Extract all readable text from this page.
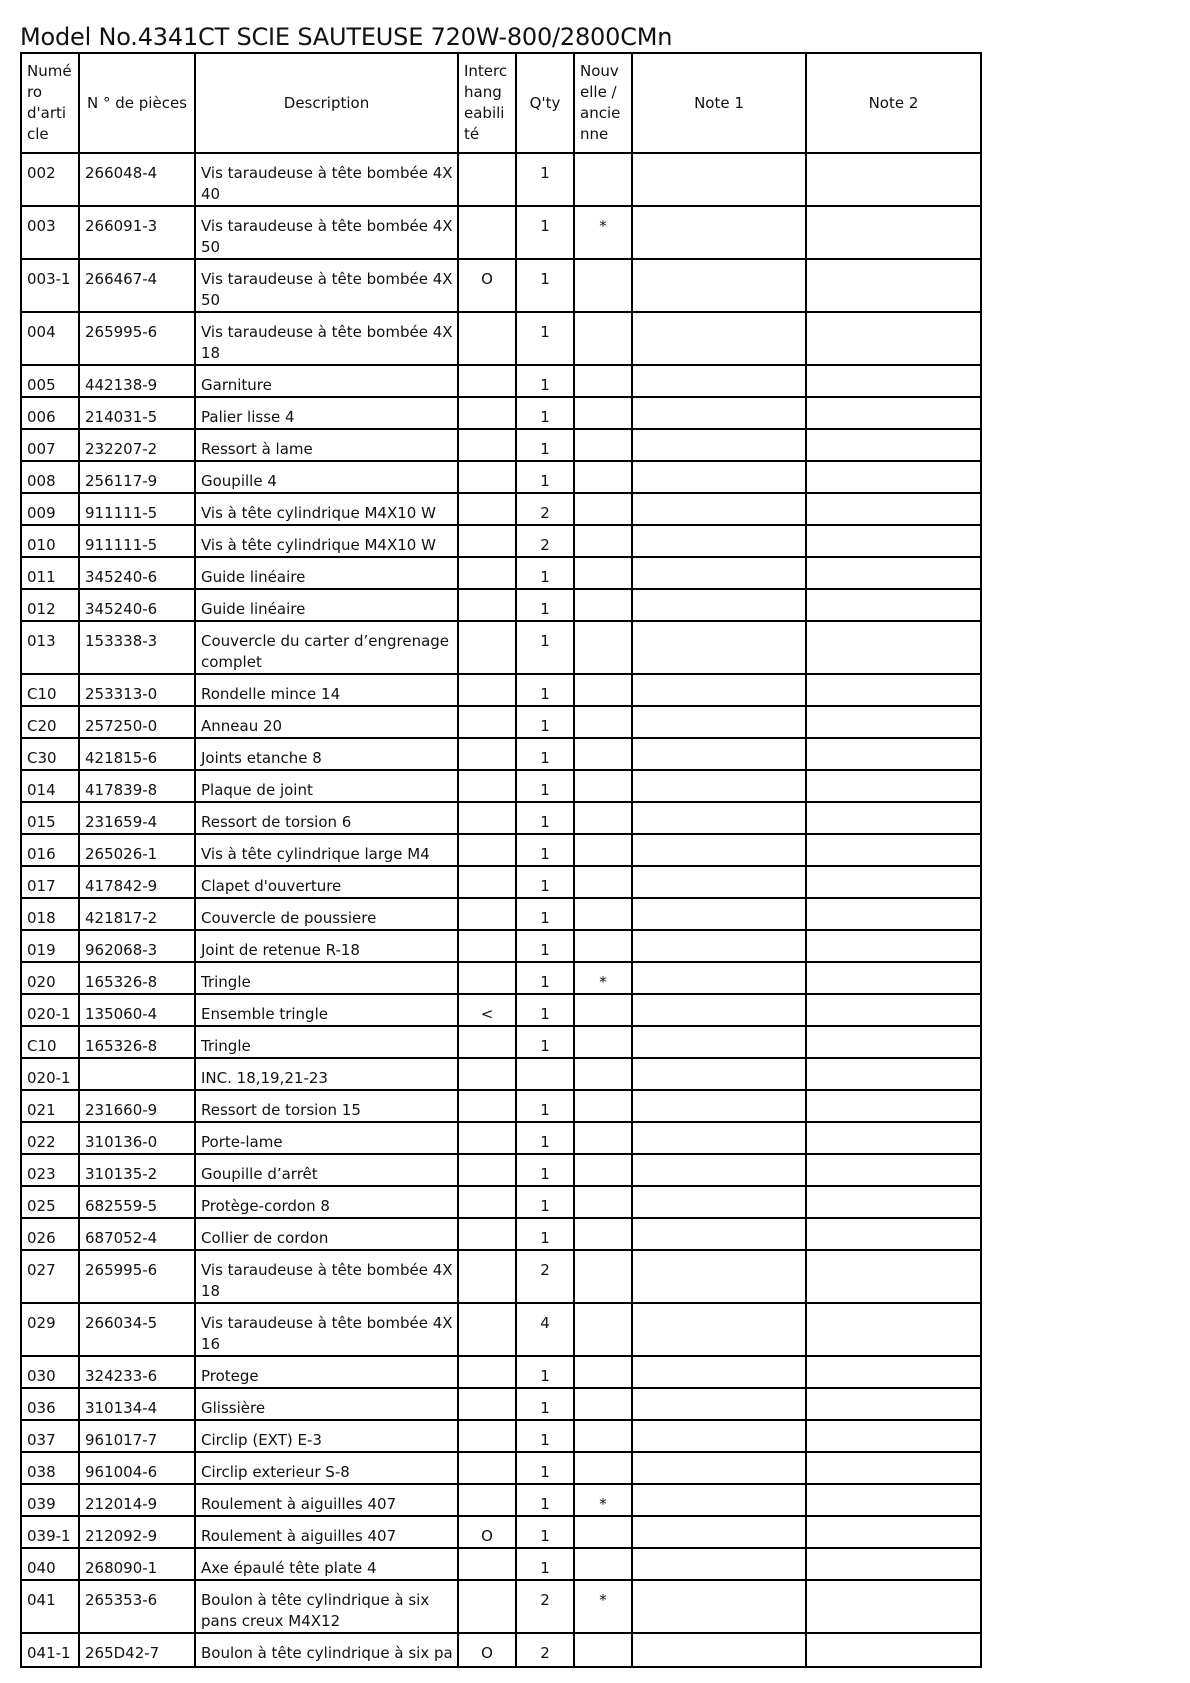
Model No.4341CT SCIE SAUTEUSE 720W-800/2800CMn
Numéro d'article	N ° de pièces	Description	Interchangeabilité	Q'ty	Nouvelle / ancienne	Note 1	Note 2
002	266048-4	Vis taraudeuse à tête bombée 4X 40		1			
003	266091-3	Vis taraudeuse à tête bombée 4X 50		1	*		
003-1	266467-4	Vis taraudeuse à tête bombée 4X 50	O	1			
004	265995-6	Vis taraudeuse à tête bombée 4X 18		1			
005	442138-9	Garniture		1			
006	214031-5	Palier lisse 4		1			
007	232207-2	Ressort à lame		1			
008	256117-9	Goupille 4		1			
009	911111-5	Vis à tête cylindrique M4X10 W		2			
010	911111-5	Vis à tête cylindrique M4X10 W		2			
011	345240-6	Guide linéaire		1			
012	345240-6	Guide linéaire		1			
013	153338-3	Couvercle du carter d’engrenage complet		1			
C10	253313-0	Rondelle mince 14		1			
C20	257250-0	Anneau 20		1			
C30	421815-6	Joints etanche 8		1			
014	417839-8	Plaque de joint		1			
015	231659-4	Ressort de torsion 6		1			
016	265026-1	Vis à tête cylindrique large M4		1			
017	417842-9	Clapet d'ouverture		1			
018	421817-2	Couvercle de poussiere		1			
019	962068-3	Joint de retenue R-18		1			
020	165326-8	Tringle		1	*		
020-1	135060-4	Ensemble tringle	<	1			
C10	165326-8	Tringle		1			
020-1		INC. 18,19,21-23					
021	231660-9	Ressort de torsion 15		1			
022	310136-0	Porte-lame		1			
023	310135-2	Goupille d’arrêt		1			
025	682559-5	Protège-cordon 8		1			
026	687052-4	Collier de cordon		1			
027	265995-6	Vis taraudeuse à tête bombée 4X 18		2			
029	266034-5	Vis taraudeuse à tête bombée 4X 16		4			
030	324233-6	Protege		1			
036	310134-4	Glissière		1			
037	961017-7	Circlip (EXT) E-3		1			
038	961004-6	Circlip exterieur S-8		1			
039	212014-9	Roulement à aiguilles 407		1	*		
039-1	212092-9	Roulement à aiguilles 407	O	1			
040	268090-1	Axe épaulé tête plate 4		1			
041	265353-6	Boulon à tête cylindrique à six pans creux M4X12		2	*		
041-1	265D42-7	Boulon à tête cylindrique à six pa	O	2			
